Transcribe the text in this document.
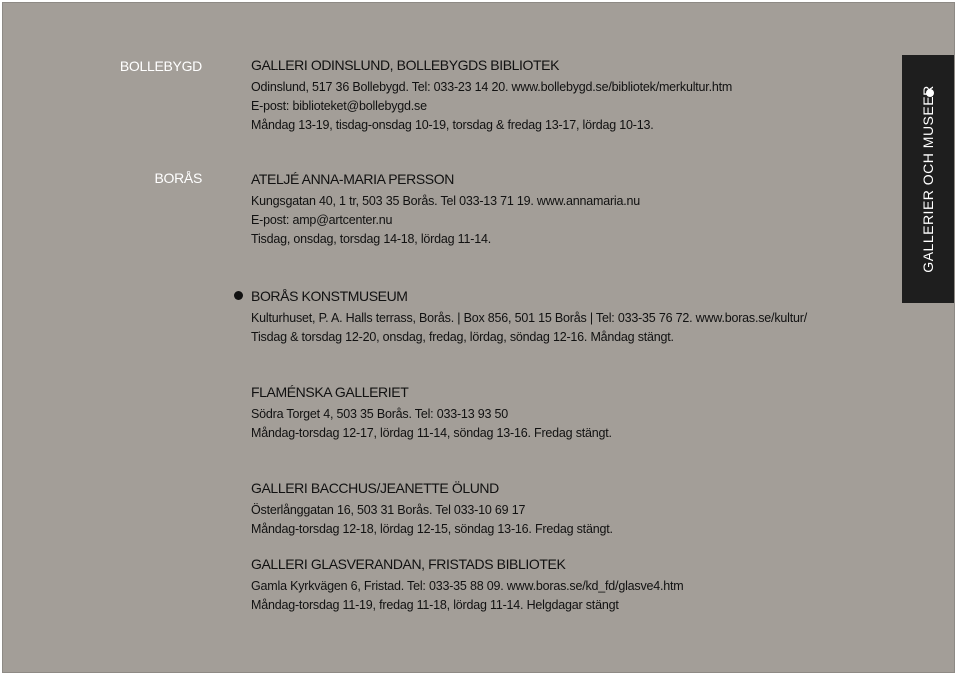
BOLLEBYGD
BORÅS
GALLERI ODINSLUND, BOLLEBYGDS BIBLIOTEK
Odinslund, 517 36 Bollebygd. Tel: 033-23 14 20. www.bollebygd.se/bibliotek/merkultur.htm
E-post: biblioteket@bollebygd.se
Måndag 13-19, tisdag-onsdag 10-19, torsdag & fredag 13-17, lördag 10-13.
ATELJÉ ANNA-MARIA PERSSON
Kungsgatan 40, 1 tr, 503 35 Borås. Tel 033-13 71 19. www.annamaria.nu
E-post: amp@artcenter.nu
Tisdag, onsdag, torsdag 14-18, lördag 11-14.
BORÅS KONSTMUSEUM
Kulturhuset, P. A. Halls terrass, Borås. | Box 856, 501 15 Borås | Tel: 033-35 76 72. www.boras.se/kultur/
Tisdag & torsdag 12-20, onsdag, fredag, lördag, söndag 12-16. Måndag stängt.
FLAMÉNSKA GALLERIET
Södra Torget 4, 503 35 Borås. Tel: 033-13 93 50
Måndag-torsdag 12-17, lördag 11-14, söndag 13-16. Fredag stängt.
GALLERI BACCHUS/JEANETTE ÖLUND
Österlånggatan 16, 503 31 Borås. Tel 033-10 69 17
Måndag-torsdag 12-18, lördag 12-15, söndag 13-16. Fredag stängt.
GALLERI GLASVERANDAN, FRISTADS BIBLIOTEK
Gamla Kyrkvägen 6, Fristad. Tel: 033-35 88 09. www.boras.se/kd_fd/glasve4.htm
Måndag-torsdag 11-19, fredag 11-18, lördag 11-14. Helgdagar stängt
GALLERIER OCH MUSEER
